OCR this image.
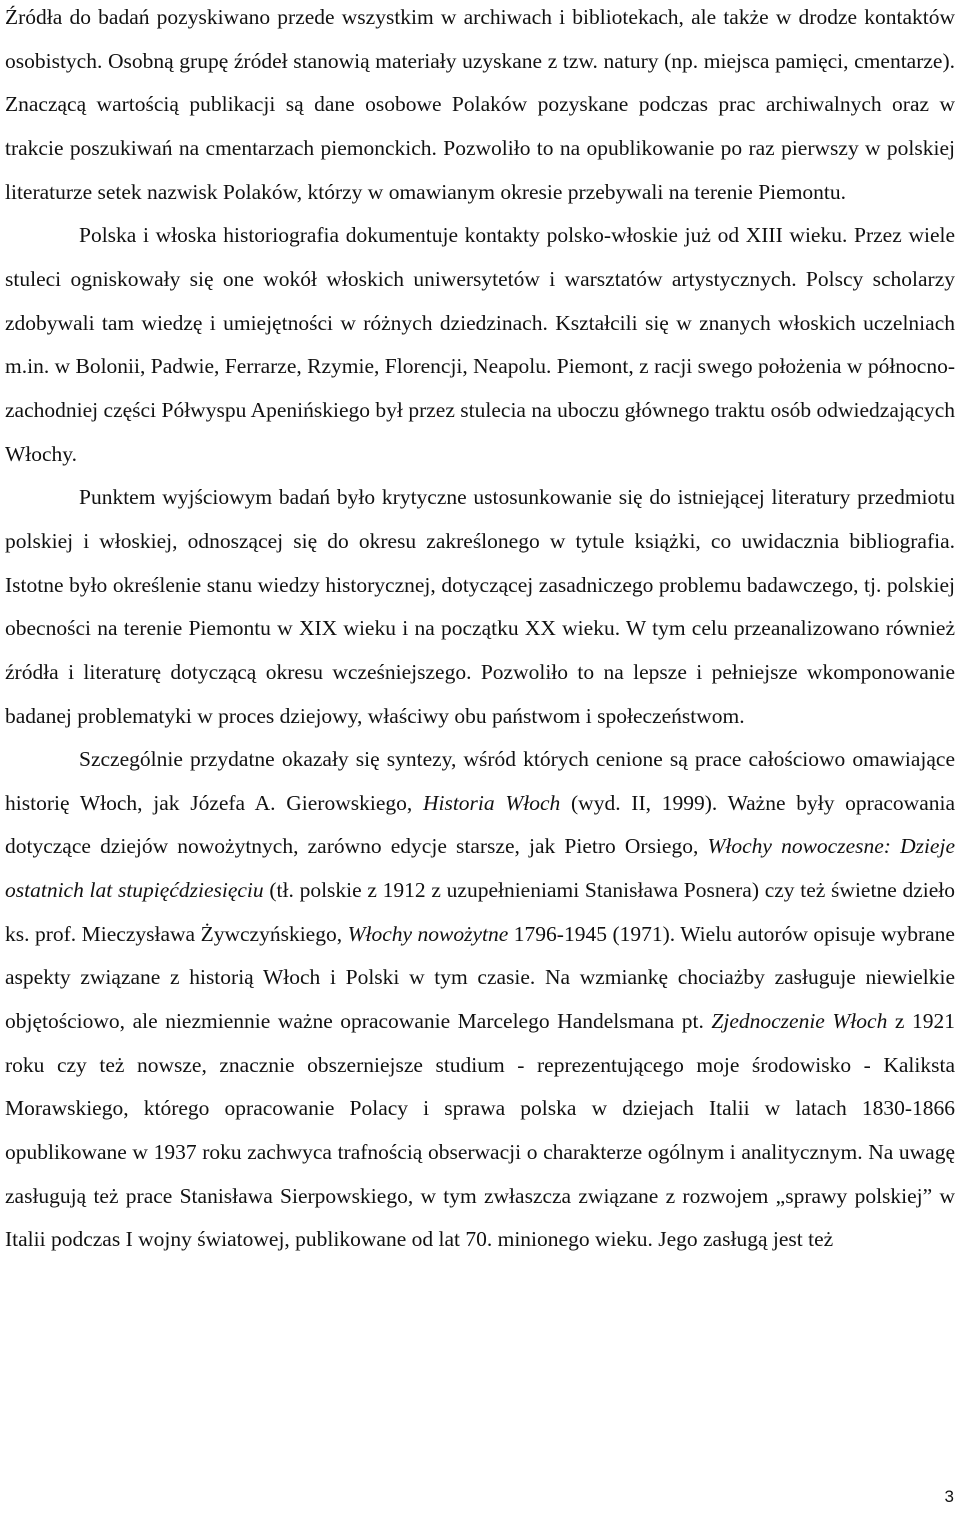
Źródła do badań pozyskiwano przede wszystkim w archiwach i bibliotekach, ale także w drodze kontaktów osobistych. Osobną grupę źródeł stanowią materiały uzyskane z tzw. natury (np. miejsca pamięci, cmentarze). Znaczącą wartością publikacji są dane osobowe Polaków pozyskane podczas prac archiwalnych oraz w trakcie poszukiwań na cmentarzach piemonckich. Pozwoliło to na opublikowanie po raz pierwszy w polskiej literaturze setek nazwisk Polaków, którzy w omawianym okresie przebywali na terenie Piemontu.

Polska i włoska historiografia dokumentuje kontakty polsko-włoskie już od XIII wieku. Przez wiele stuleci ogniskowały się one wokół włoskich uniwersytetów i warsztatów artystycznych. Polscy scholarzy zdobywali tam wiedzę i umiejętności w różnych dziedzinach. Kształcili się w znanych włoskich uczelniach m.in. w Bolonii, Padwie, Ferrarze, Rzymie, Florencji, Neapolu. Piemont, z racji swego położenia w północno-zachodniej części Półwyspu Apenińskiego był przez stulecia na uboczu głównego traktu osób odwiedzających Włochy.

Punktem wyjściowym badań było krytyczne ustosunkowanie się do istniejącej literatury przedmiotu polskiej i włoskiej, odnoszącej się do okresu zakreślonego w tytule książki, co uwidacznia bibliografia. Istotne było określenie stanu wiedzy historycznej, dotyczącej zasadniczego problemu badawczego, tj. polskiej obecności na terenie Piemontu w XIX wieku i na początku XX wieku. W tym celu przeanalizowano również źródła i literaturę dotyczącą okresu wcześniejszego. Pozwoliło to na lepsze i pełniejsze wkomponowanie badanej problematyki w proces dziejowy, właściwy obu państwom i społeczeństwom.

Szczególnie przydatne okazały się syntezy, wśród których cenione są prace całościowo omawiające historię Włoch, jak Józefa A. Gierowskiego, Historia Włoch (wyd. II, 1999). Ważne były opracowania dotyczące dziejów nowożytnych, zarówno edycje starsze, jak Pietro Orsiego, Włochy nowoczesne: Dzieje ostatnich lat stupięćdziesięciu (tł. polskie z 1912 z uzupełnieniami Stanisława Posnera) czy też świetne dzieło ks. prof. Mieczysława Żywczyńskiego, Włochy nowożytne 1796-1945 (1971). Wielu autorów opisuje wybrane aspekty związane z historią Włoch i Polski w tym czasie. Na wzmiankę chociażby zasługuje niewielkie objętościowo, ale niezmiennie ważne opracowanie Marcelego Handelsmana pt. Zjednoczenie Włoch z 1921 roku czy też nowsze, znacznie obszerniejsze studium - reprezentującego moje środowisko - Kaliksta Morawskiego, którego opracowanie Polacy i sprawa polska w dziejach Italii w latach 1830-1866 opublikowane w 1937 roku zachwyca trafnością obserwacji o charakterze ogólnym i analitycznym. Na uwagę zasługują też prace Stanisława Sierpowskiego, w tym zwłaszcza związane z rozwojem „sprawy polskiej” w Italii podczas I wojny światowej, publikowane od lat 70. minionego wieku. Jego zasługą jest też

3
